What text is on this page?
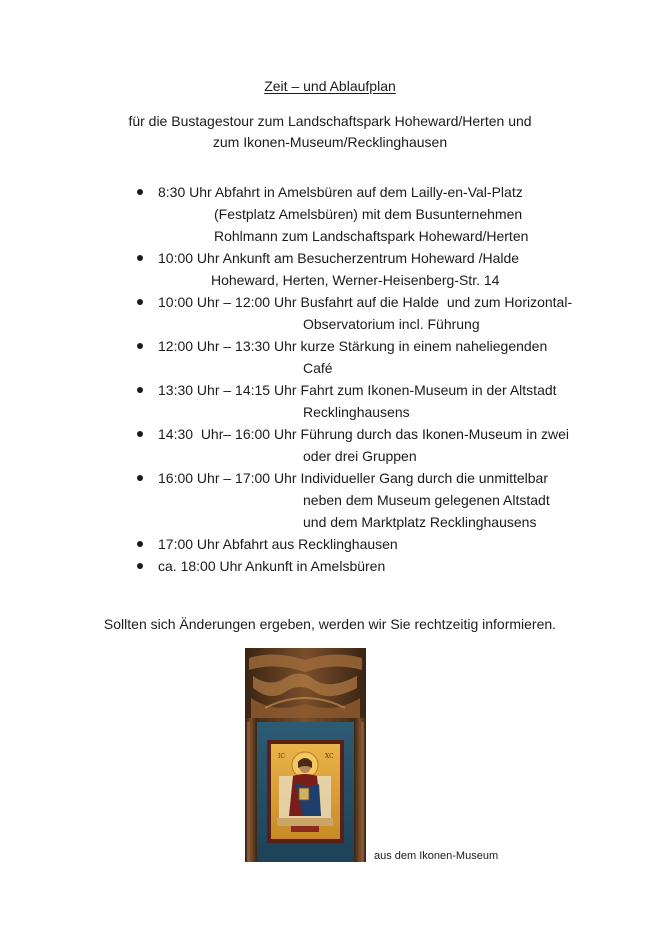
Zeit – und Ablaufplan
für die Bustagestour zum Landschaftspark Hoheward/Herten und
zum Ikonen-Museum/Recklinghausen
8:30 Uhr Abfahrt in Amelsbüren auf dem Lailly-en-Val-Platz
(Festplatz Amelsbüren) mit dem Busunternehmen
Rohlmann zum Landschaftspark Hoheward/Herten
10:00 Uhr Ankunft am Besucherzentrum Hoheward /Halde
Hoheward, Herten, Werner-Heisenberg-Str. 14
10:00 Uhr – 12:00 Uhr Busfahrt auf die Halde  und zum Horizontal-
Observatorium incl. Führung
12:00 Uhr – 13:30 Uhr kurze Stärkung in einem naheliegenden
Café
13:30 Uhr – 14:15 Uhr Fahrt zum Ikonen-Museum in der Altstadt
Recklinghausens
14:30  Uhr– 16:00 Uhr Führung durch das Ikonen-Museum in zwei
oder drei Gruppen
16:00 Uhr – 17:00 Uhr Individueller Gang durch die unmittelbar
neben dem Museum gelegenen Altstadt
und dem Marktplatz Recklinghausens
17:00 Uhr Abfahrt aus Recklinghausen
ca. 18:00 Uhr Ankunft in Amelsbüren
Sollten sich Änderungen ergeben, werden wir Sie rechtzeitig informieren.
IC	XC
aus dem Ikonen-Museum
